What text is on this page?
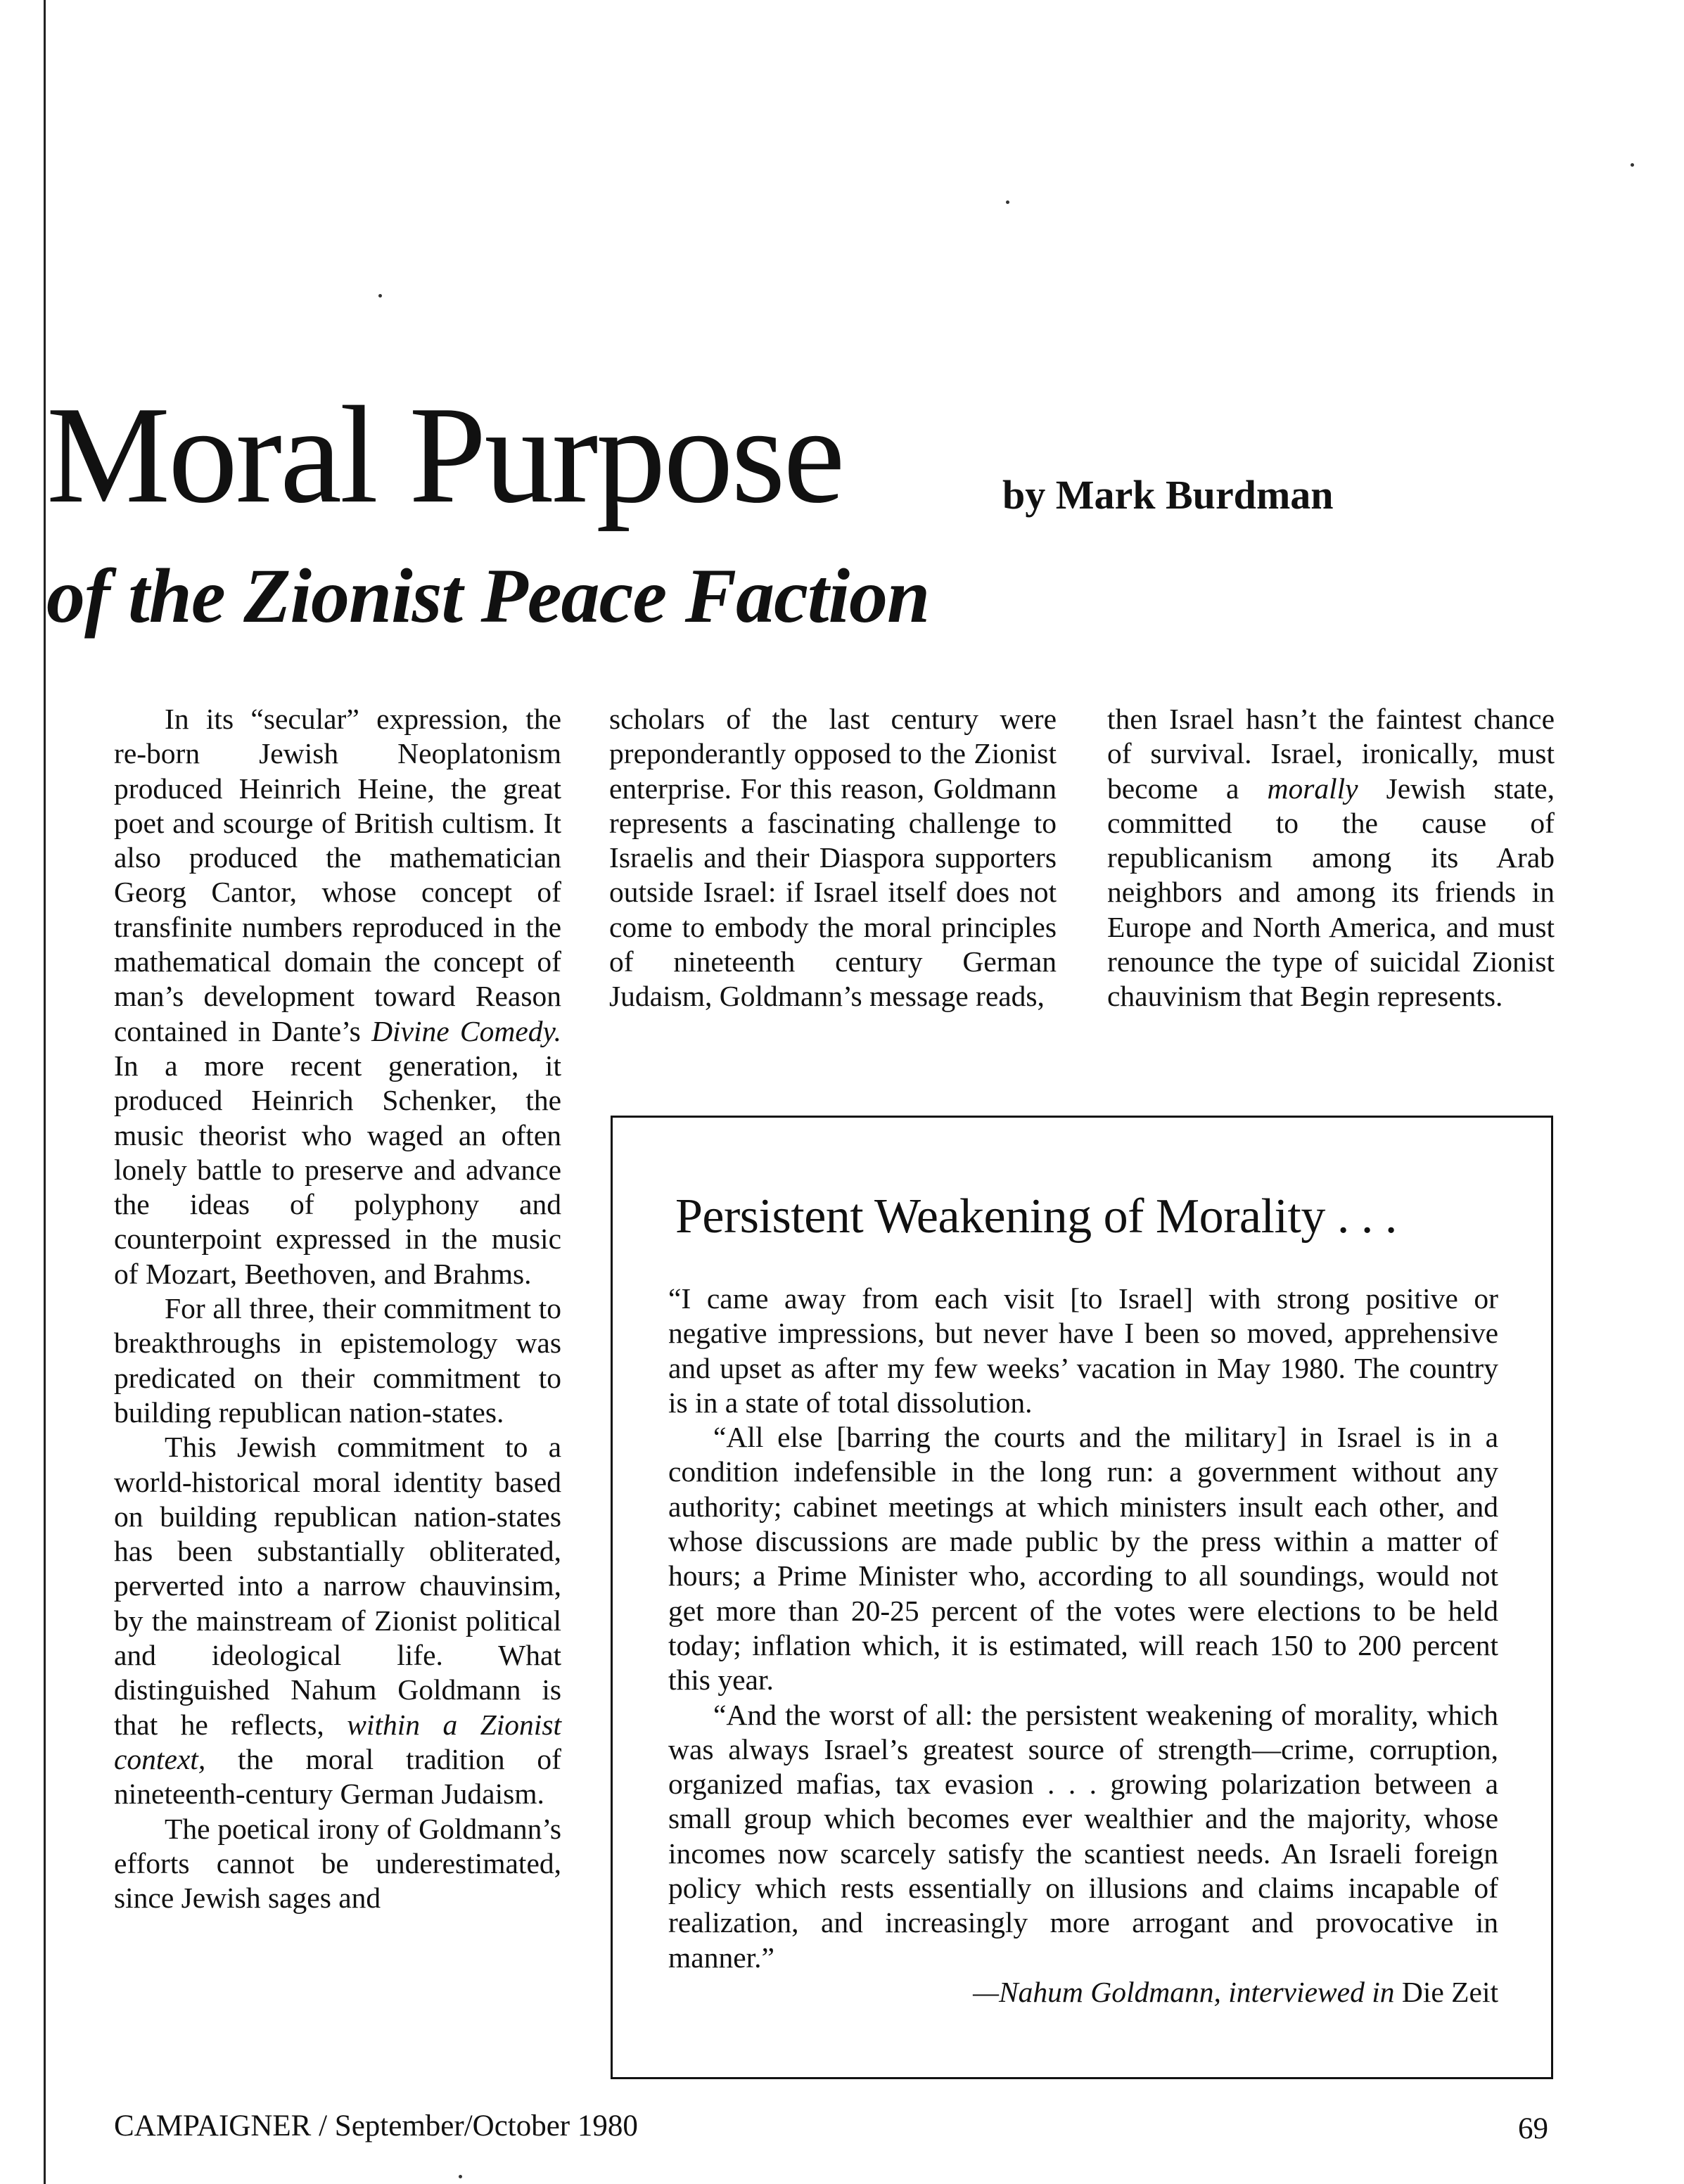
Moral Purpose	by Mark Burdman
of the Zionist Peace Faction

In its “secular” expression, the re-born Jewish Neoplatonism produced Heinrich Heine, the great poet and scourge of British cultism. It also produced the mathematician Georg Cantor, whose concept of transfinite numbers reproduced in the mathematical domain the concept of man’s development toward Reason contained in Dante’s Divine Comedy. In a more recent generation, it produced Heinrich Schenker, the music theorist who waged an often lonely battle to preserve and advance the ideas of polyphony and counterpoint expressed in the music of Mozart, Beethoven, and Brahms.

For all three, their commitment to breakthroughs in epistemology was predicated on their commitment to building republican nation-states.

This Jewish commitment to a world-historical moral identity based on building republican nation-states has been substantially obliterated, perverted into a narrow chauvinsim, by the mainstream of Zionist political and ideological life. What distinguished Nahum Goldmann is that he reflects, within a Zionist context, the moral tradition of nineteenth-century German Judaism.

The poetical irony of Goldmann’s efforts cannot be underestimated, since Jewish sages and

scholars of the last century were preponderantly opposed to the Zionist enterprise. For this reason, Goldmann represents a fascinating challenge to Israelis and their Diaspora supporters outside Israel: if Israel itself does not come to embody the moral principles of nineteenth century German Judaism, Goldmann’s message reads,

then Israel hasn’t the faintest chance of survival. Israel, ironically, must become a morally Jewish state, committed to the cause of republicanism among its Arab neighbors and among its friends in Europe and North America, and must renounce the type of suicidal Zionist chauvinism that Begin represents.

Persistent Weakening of Morality . . .

“I came away from each visit [to Israel] with strong positive or negative impressions, but never have I been so moved, apprehensive and upset as after my few weeks’ vacation in May 1980. The country is in a state of total dissolution.

“All else [barring the courts and the military] in Israel is in a condition indefensible in the long run: a government without any authority; cabinet meetings at which ministers insult each other, and whose discussions are made public by the press within a matter of hours; a Prime Minister who, according to all soundings, would not get more than 20-25 percent of the votes were elections to be held today; inflation which, it is estimated, will reach 150 to 200 percent this year.

“And the worst of all: the persistent weakening of morality, which was always Israel’s greatest source of strength—crime, corruption, organized mafias, tax evasion . . . growing polarization between a small group which becomes ever wealthier and the majority, whose incomes now scarcely satisfy the scantiest needs. An Israeli foreign policy which rests essentially on illusions and claims incapable of realization, and increasingly more arrogant and provocative in manner.”

—Nahum Goldmann, interviewed in Die Zeit
CAMPAIGNER / September/October 1980	69
